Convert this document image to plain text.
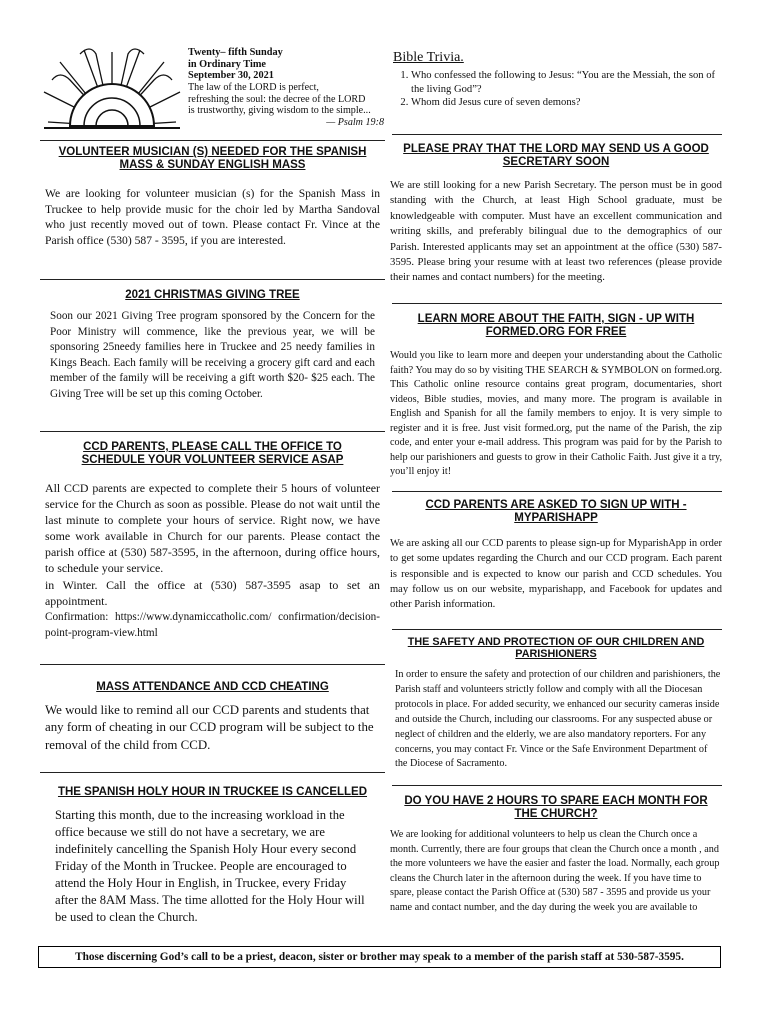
Twenty– fifth Sunday
in Ordinary Time
September 30, 2021
The law of the LORD is perfect,
refreshing the soul: the decree of the LORD
is trustworthy, giving wisdom to the simple...
— Psalm 19:8
Bible Trivia.
1. Who confessed the following to Jesus: “You are the Messiah, the son of the living God”?
2. Whom did Jesus cure of seven demons?
VOLUNTEER MUSICIAN (S) NEEDED FOR THE SPANISH MASS & SUNDAY ENGLISH MASS
We are looking for volunteer musician (s) for the Spanish Mass in Truckee to help provide music for the choir led by Martha Sandoval who just recently moved out of town. Please contact Fr. Vince at the Parish office (530) 587 - 3595, if you are interested.
2021 CHRISTMAS GIVING TREE
Soon our 2021 Giving Tree program sponsored by the Concern for the Poor Ministry will commence, like the previous year, we will be sponsoring 25needy families here in Truckee and 25 needy families in Kings Beach. Each family will be receiving a grocery gift card and each member of the family will be receiving a gift worth $20- $25 each. The Giving Tree will be set up this coming October.
CCD PARENTS, PLEASE CALL THE OFFICE TO SCHEDULE YOUR VOLUNTEER SERVICE ASAP
All CCD parents are expected to complete their 5 hours of volunteer service for the Church as soon as possible. Please do not wait until the last minute to complete your hours of service. Right now, we have some work available in Church for our parents. Please contact the parish office at (530) 587-3595, in the afternoon, during office hours, to schedule your service.
in Winter. Call the office at (530) 587-3595 asap to set an appointment.
Confirmation: https://www.dynamiccatholic.com/ confirmation/decision-point-program-view.html
MASS ATTENDANCE AND CCD CHEATING
We would like to remind all our CCD parents and students that any form of cheating in our CCD program will be subject to the removal of the child from CCD.
THE SPANISH HOLY HOUR IN TRUCKEE IS CANCELLED
Starting this month, due to the increasing workload in the office because we still do not have a secretary, we are indefinitely cancelling the Spanish Holy Hour every second Friday of the Month in Truckee. People are encouraged to attend the Holy Hour in English, in Truckee, every Friday after the 8AM Mass. The time allotted for the Holy Hour will be used to clean the Church.
PLEASE PRAY THAT THE LORD MAY SEND US A GOOD SECRETARY SOON
We are still looking for a new Parish Secretary. The person must be in good standing with the Church, at least High School graduate, must be knowledgeable with computer. Must have an excellent communication and writing skills, and preferably bilingual due to the demographics of our Parish. Interested applicants may set an appointment at the office (530) 587-3595. Please bring your resume with at least two references (please provide their names and contact numbers) for the meeting.
LEARN MORE ABOUT THE FAITH, SIGN - UP WITH FORMED.ORG FOR FREE
Would you like to learn more and deepen your understanding about the Catholic faith? You may do so by visiting THE SEARCH & SYMBOLON on formed.org. This Catholic online resource contains great program, documentaries, short videos, Bible studies, movies, and many more. The program is available in English and Spanish for all the family members to enjoy. It is very simple to register and it is free. Just visit formed.org, put the name of the Parish, the zip code, and enter your e-mail address. This program was paid for by the Parish to help our parishioners and guests to grow in their Catholic Faith. Just give it a try, you’ll enjoy it!
CCD PARENTS ARE ASKED TO SIGN UP WITH - MYPARISHAPP
We are asking all our CCD parents to please sign-up for MyparishApp in order to get some updates regarding the Church and our CCD program. Each parent is responsible and is expected to know our parish and CCD schedules. You may follow us on our website, myparishapp, and Facebook for updates and other Parish information.
THE SAFETY AND PROTECTION OF OUR CHILDREN AND PARISHIONERS
In order to ensure the safety and protection of our children and parishioners, the Parish staff and volunteers strictly follow and comply with all the Diocesan protocols in place. For added security, we enhanced our security cameras inside and outside the Church, including our classrooms. For any suspected abuse or neglect of children and the elderly, we are also mandatory reporters. For any concerns, you may contact Fr. Vince or the Safe Environment Department of the Diocese of Sacramento.
DO YOU HAVE 2 HOURS TO SPARE EACH MONTH FOR THE CHURCH?
We are looking for additional volunteers to help us clean the Church once a month. Currently, there are four groups that clean the Church once a month , and the more volunteers we have the easier and faster the load. Normally, each group cleans the Church later in the afternoon during the week. If you have time to spare, please contact the Parish Office at (530) 587 - 3595 and provide us your name and contact number, and the day during the week you are available to
Those discerning God’s call to be a priest, deacon, sister or brother may speak to a member of the parish staff at 530-587-3595.
